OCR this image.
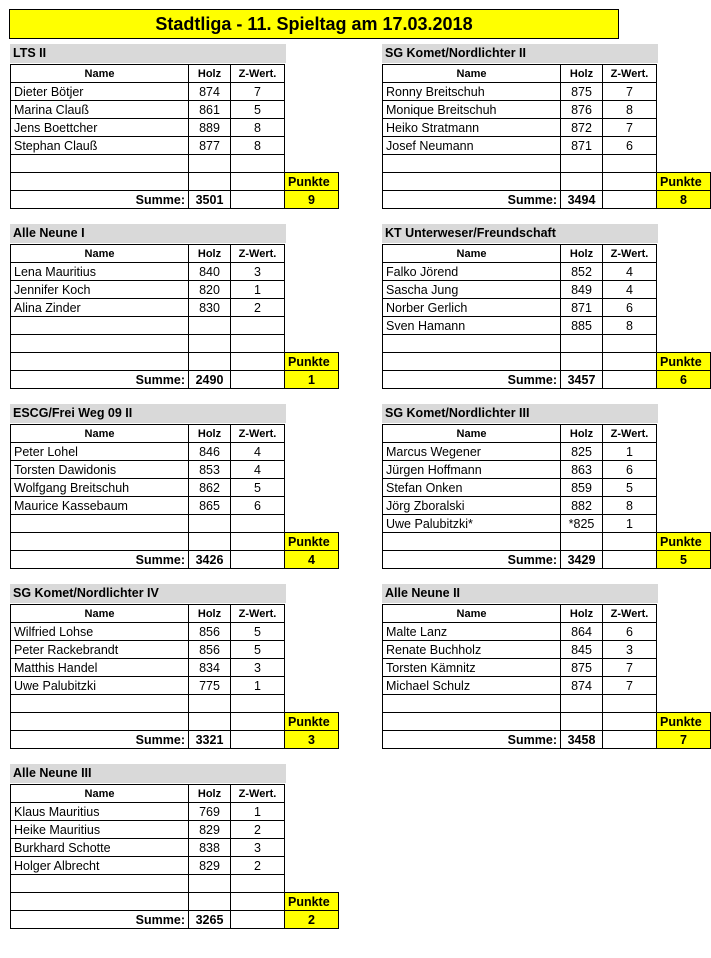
Stadtliga - 11. Spieltag am 17.03.2018
LTS II
Name	Holz	Z-Wert.	
Dieter Bötjer	874	7	
Marina Clauß	861	5	
Jens Boettcher	889	8	
Stephan Clauß	877	8	

			Punkte
Summe:	3501		9
SG Komet/Nordlichter II
Name	Holz	Z-Wert.	
Ronny Breitschuh	875	7	
Monique Breitschuh	876	8	
Heiko Stratmann	872	7	
Josef Neumann	871	6	

			Punkte
Summe:	3494		8
Alle Neune I
Name	Holz	Z-Wert.	
Lena Mauritius	840	3	
Jennifer Koch	820	1	
Alina Zinder	830	2	

			Punkte
Summe:	2490		1
KT Unterweser/Freundschaft
Name	Holz	Z-Wert.	
Falko Jörend	852	4	
Sascha Jung	849	4	
Norber Gerlich	871	6	
Sven Hamann	885	8	

			Punkte
Summe:	3457		6
ESCG/Frei Weg 09 II
Name	Holz	Z-Wert.	
Peter Lohel	846	4	
Torsten Dawidonis	853	4	
Wolfgang Breitschuh	862	5	
Maurice Kassebaum	865	6	

			Punkte
Summe:	3426		4
SG Komet/Nordlichter III
Name	Holz	Z-Wert.	
Marcus Wegener	825	1	
Jürgen Hoffmann	863	6	
Stefan Onken	859	5	
Jörg Zboralski	882	8	
Uwe Palubitzki*	*825	1	
			Punkte
Summe:	3429		5
SG Komet/Nordlichter IV
Name	Holz	Z-Wert.	
Wilfried Lohse	856	5	
Peter Rackebrandt	856	5	
Matthis Handel	834	3	
Uwe Palubitzki	775	1	

			Punkte
Summe:	3321		3
Alle Neune II
Name	Holz	Z-Wert.	
Malte Lanz	864	6	
Renate Buchholz	845	3	
Torsten Kämnitz	875	7	
Michael Schulz	874	7	

			Punkte
Summe:	3458		7
Alle Neune III
Name	Holz	Z-Wert.	
Klaus Mauritius	769	1	
Heike Mauritius	829	2	
Burkhard Schotte	838	3	
Holger Albrecht	829	2	

			Punkte
Summe:	3265		2
